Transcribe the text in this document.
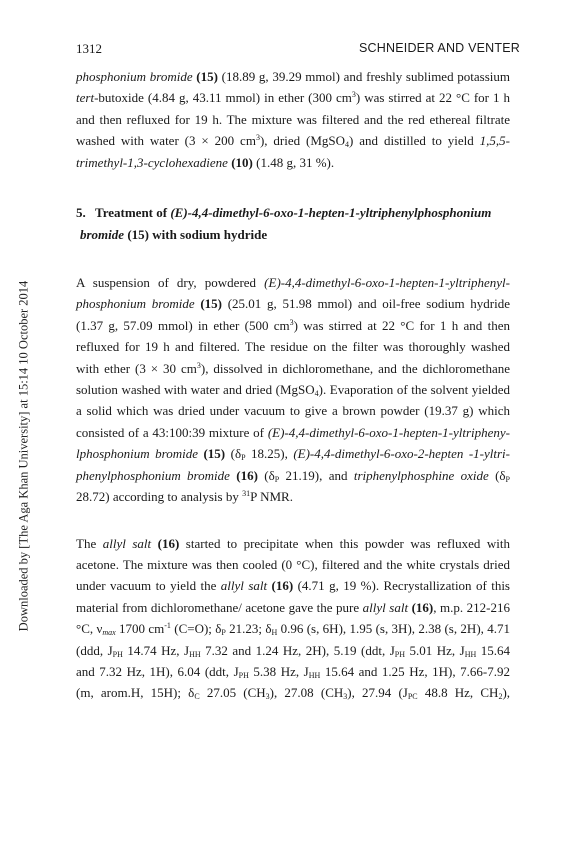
1312	SCHNEIDER AND VENTER
Downloaded by [The Aga Khan University] at 15:14 10 October 2014

phosphonium bromide (15) (18.89 g, 39.29 mmol) and freshly sublimed potassium tert-butoxide (4.84 g, 43.11 mmol) in ether (300 $cm^3$) was stirred at 22 °C for 1 h and then refluxed for 19 h. The mixture was filtered and the red ethereal filtrate washed with water (3 × 200 $cm^3$), dried (MgSO$_4$) and distilled to yield 1,5,5-

trimethyl-1,3-cyclohexadiene (10) (1.48 g, 31 %).

5. Treatment of (E)-4,4-dimethyl-6-oxo-1-hepten-1-yltriphenylphosphonium
bromide (15) with sodium hydride

A suspension of dry, powdered (E)-4,4-dimethyl-6-oxo-1-hepten-1-yltriphenyl- phosphonium bromide (15) (25.01 g, 51.98 mmol) and oil-free sodium hydride (1.37 g, 57.09 mmol) in ether (500 $cm^3$) was stirred at 22 °C for 1 h and then refluxed for 19 h and filtered. The residue on the filter was thoroughly washed with ether (3 × 30 $cm^3$), dissolved in dichloromethane, and the dichloromethane solution washed with water and dried (MgSO$_4$). Evaporation of the solvent yielded a solid which was dried under vacuum to give a brown powder (19.37 g) which consisted of a 43:100:39 mixture of (E)-4,4-dimethyl-6-oxo-1-hepten-1-yltripheny-lphosphonium bromide (15) ($\delta_P$ 18.25), (E)-4,4-dimethyl-6-oxo-2-hepten -1-yltri-phenylphosphonium bromide (16) ($\delta_P$ 21.19), and triphenylphosphine oxide ($\delta_P$

28.72) according to analysis by $^{31}$P NMR.

The allyl salt (16) started to precipitate when this powder was refluxed with acetone. The mixture was then cooled (0 °C), filtered and the white crystals dried under vacuum to yield the allyl salt (16) (4.71 g, 19 %). Recrystallization of this material from dichloromethane/ acetone gave the pure allyl salt (16), m.p. 212-216 °C, $\nu_{max}$ 1700 $cm^{-1}$ (C=O); $\delta_P$ 21.23; $\delta_H$ 0.96 (s, 6H), 1.95 (s, 3H), 2.38 (s, 2H), 4.71 (ddd, $J_{PH}$ 14.74 Hz, $J_{HH}$ 7.32 and 1.24 Hz, 2H), 5.19 (ddt, $J_{PH}$ 5.01 Hz, $J_{HH}$ 15.64 and 7.32 Hz, 1H), 6.04 (ddt, $J_{PH}$ 5.38 Hz, $J_{HH}$ 15.64 and 1.25 Hz, 1H), 7.66-7.92 (m, arom.H, 15H); $\delta_C$ 27.05 $(CH_3)$, 27.08 $(CH_3)$, 27.94 ($J_{PC}$ 48.8 Hz, $CH_2$),
